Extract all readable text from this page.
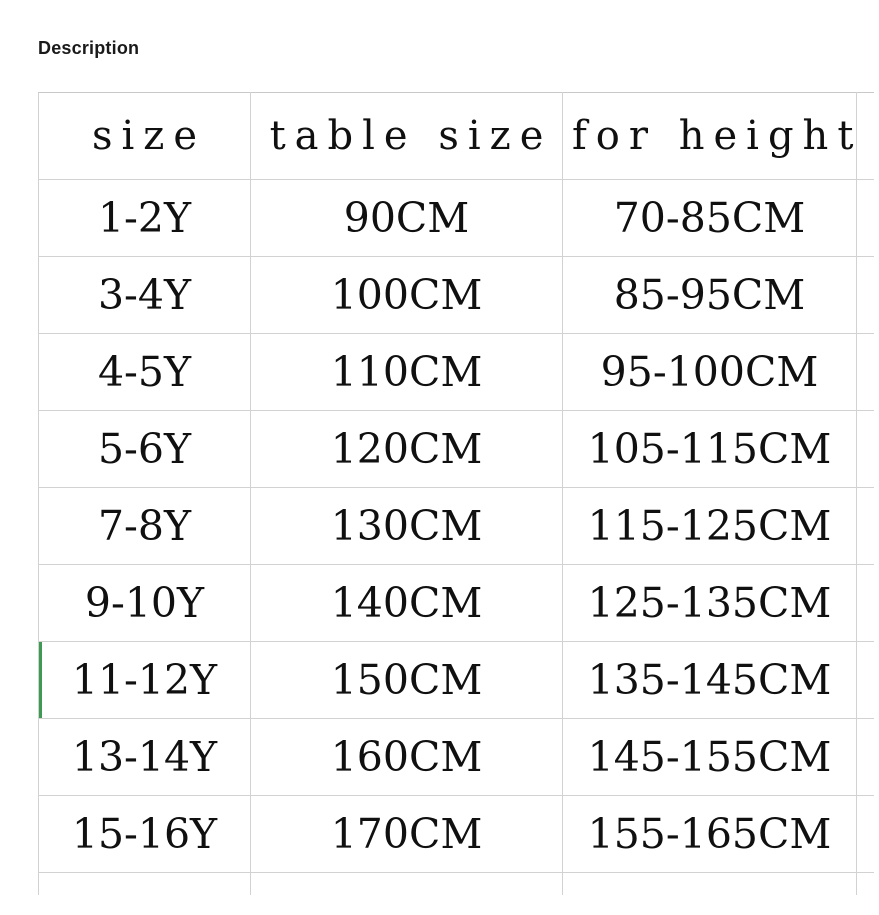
Description
size	table size	for height	

1-2Y	90CM	70-85CM	

3-4Y	100CM	85-95CM	

4-5Y	110CM	95-100CM	

5-6Y	120CM	105-115CM	

7-8Y	130CM	115-125CM	

9-10Y	140CM	125-135CM	

11-12Y	150CM	135-145CM	

13-14Y	160CM	145-155CM	

15-16Y	170CM	155-165CM	
